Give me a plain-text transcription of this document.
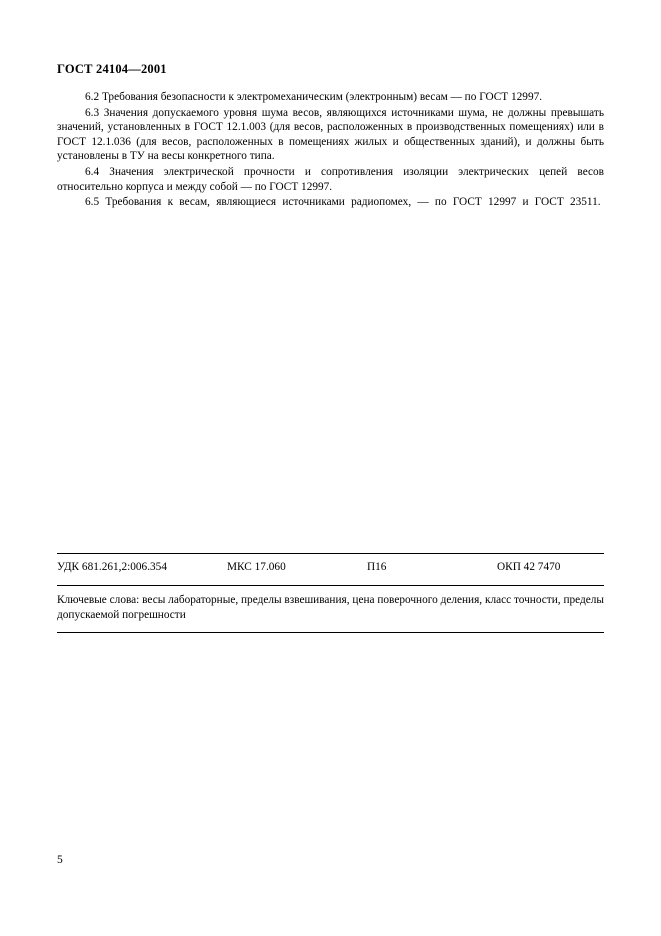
ГОСТ 24104—2001

6.2 Требования безопасности к электромеханическим (электронным) весам — по ГОСТ 12997.

6.3 Значения допускаемого уровня шума весов, являющихся источниками шума, не должны превышать значений, установленных в ГОСТ 12.1.003 (для весов, расположенных в производственных помещениях) или в ГОСТ 12.1.036 (для весов, расположенных в помещениях жилых и общественных зданий), и должны быть установлены в ТУ на весы конкретного типа.

6.4 Значения электрической прочности и сопротивления изоляции электрических цепей весов относительно корпуса и между собой — по ГОСТ 12997.

6.5 Требования к весам, являющиеся источниками радиопомех, — по ГОСТ 12997 и ГОСТ 23511.

УДК 681.261,2:006.354	МКС 17.060	П16	ОКП 42 7470
Ключевые слова: весы лабораторные, пределы взвешивания, цена поверочного деления, класс точности, пределы допускаемой погрешности
5
